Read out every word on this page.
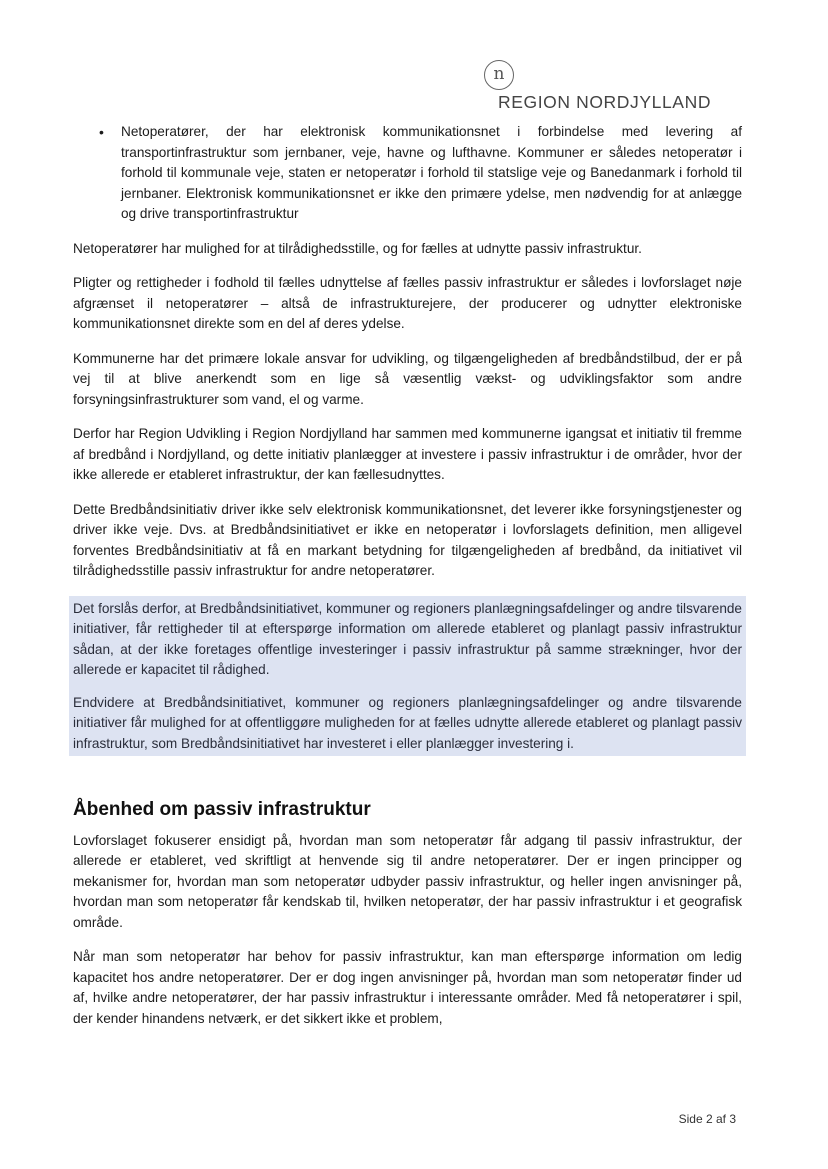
n
REGION NORDJYLLAND
• Netoperatører, der har elektronisk kommunikationsnet i forbindelse med levering af transportinfrastruktur som jernbaner, veje, havne og lufthavne. Kommuner er således netoperatør i forhold til kommunale veje, staten er netoperatør i forhold til statslige veje og Banedanmark i forhold til jernbaner. Elektronisk kommunikationsnet er ikke den primære ydelse, men nødvendig for at anlægge og drive transportinfrastruktur

Netoperatører har mulighed for at tilrådighedsstille, og for fælles at udnytte passiv infrastruktur.

Pligter og rettigheder i fodhold til fælles udnyttelse af fælles passiv infrastruktur er således i lovforslaget nøje afgrænset il netoperatører – altså de infrastrukturejere, der producerer og udnytter elektroniske kommunikationsnet direkte som en del af deres ydelse.

Kommunerne har det primære lokale ansvar for udvikling, og tilgængeligheden af bredbåndstilbud, der er på vej til at blive anerkendt som en lige så væsentlig vækst- og udviklingsfaktor som andre forsyningsinfrastrukturer som vand, el og varme.

Derfor har Region Udvikling i Region Nordjylland har sammen med kommunerne igangsat et initiativ til fremme af bredbånd i Nordjylland, og dette initiativ planlægger at investere i passiv infrastruktur i de områder, hvor der ikke allerede er etableret infrastruktur, der kan fællesudnyttes.

Dette Bredbåndsinitiativ driver ikke selv elektronisk kommunikationsnet, det leverer ikke forsyningstjenester og driver ikke veje. Dvs. at Bredbåndsinitiativet er ikke en netoperatør i lovforslagets definition, men alligevel forventes Bredbåndsinitiativ at få en markant betydning for tilgængeligheden af bredbånd, da initiativet vil tilrådighedsstille passiv infrastruktur for andre netoperatører.

Det forslås derfor, at Bredbåndsinitiativet, kommuner og regioners planlægningsafdelinger og andre tilsvarende initiativer, får rettigheder til at efterspørge information om allerede etableret og planlagt passiv infrastruktur sådan, at der ikke foretages offentlige investeringer i passiv infrastruktur på samme strækninger, hvor der allerede er kapacitet til rådighed.

Endvidere at Bredbåndsinitiativet, kommuner og regioners planlægningsafdelinger og andre tilsvarende initiativer får mulighed for at offentliggøre muligheden for at fælles udnytte allerede etableret og planlagt passiv infrastruktur, som Bredbåndsinitiativet har investeret i eller planlægger investering i.

Åbenhed om passiv infrastruktur

Lovforslaget fokuserer ensidigt på, hvordan man som netoperatør får adgang til passiv infrastruktur, der allerede er etableret, ved skriftligt at henvende sig til andre netoperatører. Der er ingen principper og mekanismer for, hvordan man som netoperatør udbyder passiv infrastruktur, og heller ingen anvisninger på, hvordan man som netoperatør får kendskab til, hvilken netoperatør, der har passiv infrastruktur i et geografisk område.

Når man som netoperatør har behov for passiv infrastruktur, kan man efterspørge information om ledig kapacitet hos andre netoperatører. Der er dog ingen anvisninger på, hvordan man som netoperatør finder ud af, hvilke andre netoperatører, der har passiv infrastruktur i interessante områder. Med få netoperatører i spil, der kender hinandens netværk, er det sikkert ikke et problem,

Side 2 af 3
